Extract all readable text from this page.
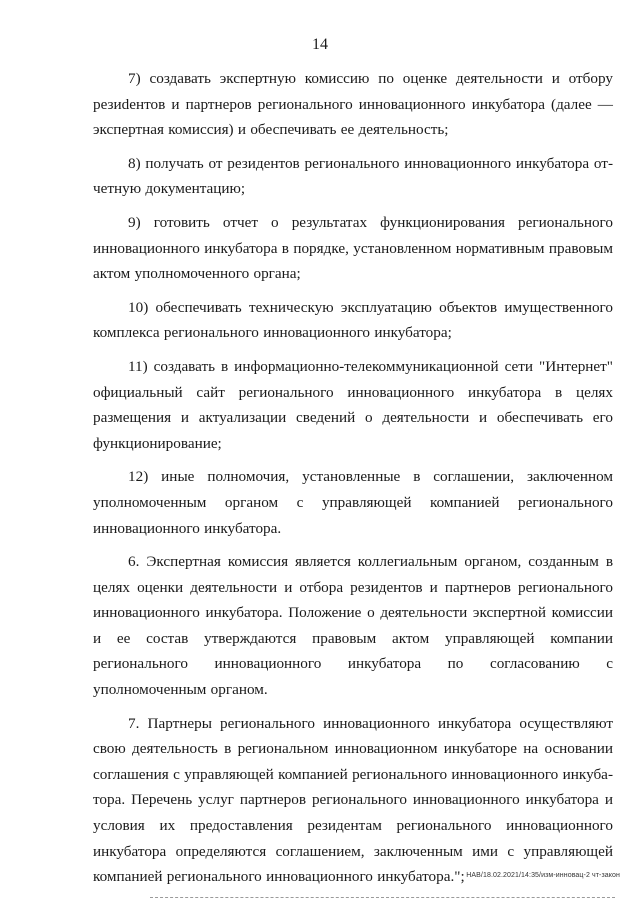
14

7) создавать экспертную комиссию по оценке деятельности и отбору резиdентов и партнеров регионального инновационного инкубатора (далее — экспертная комиссия) и обеспечивать ее деятельность;

8) получать от резидентов регионального инновационного инкубатора отчетную документацию;

9) готовить отчет о результатах функционирования регионального инновационного инкубатора в порядке, установленном нормативным правовым актом уполномоченного органа;

10) обеспечивать техническую эксплуатацию объектов имущественного комплекса регионального инновационного инкубатора;

11) создавать в информационно-телекоммуникационной сети "Интернет" официальный сайт регионального инновационного инкубатора в целях размещения и актуализации сведений о деятельности и обеспечивать его функционирование;

12) иные полномочия, установленные в соглашении, заключенном уполномоченным органом с управляющей компанией регионального инновационного инкубатора.

6. Экспертная комиссия является коллегиальным органом, созданным в целях оценки деятельности и отбора резидентов и партнеров регионального инновационного инкубатора. Положение о деятельности экспертной комиссии и ее состав утверждаются правовым актом управляющей компании регионального инновационного инкубатора по согласованию с уполномоченным органом.

7. Партнеры регионального инновационного инкубатора осуществляют свою деятельность в региональном инновационном инкубаторе на основании соглашения с управляющей компанией регионального инновационного инкубатора. Перечень услуг партнеров регионального инновационного инкубатора и условия их предоставления резидентам регионального инновационного инкубатора определяются соглашением, заключенным ими с управляющей компанией регионального инновационного инкубатора."; НАВ/18.02.2021/14:35/изм-инновац-2 чт-закон
